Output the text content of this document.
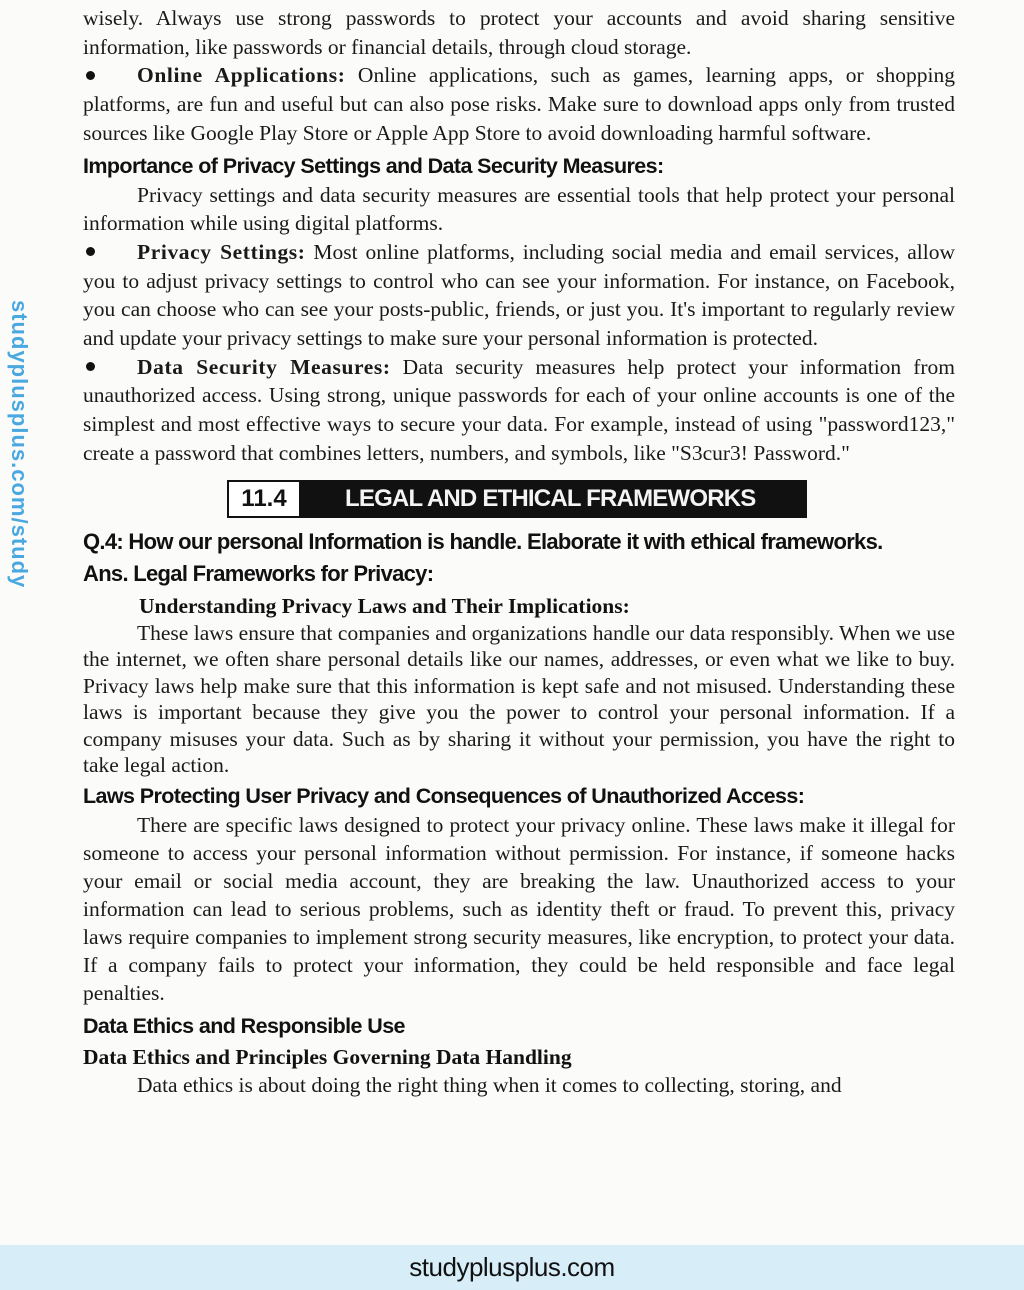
wisely. Always use strong passwords to protect your accounts and avoid sharing sensitive information, like passwords or financial details, through cloud storage.

Online Applications: Online applications, such as games, learning apps, or shopping platforms, are fun and useful but can also pose risks. Make sure to download apps only from trusted sources like Google Play Store or Apple App Store to avoid downloading harmful software.

Importance of Privacy Settings and Data Security Measures:

Privacy settings and data security measures are essential tools that help protect your personal information while using digital platforms.

Privacy Settings: Most online platforms, including social media and email services, allow you to adjust privacy settings to control who can see your information. For instance, on Facebook, you can choose who can see your posts-public, friends, or just you. It's important to regularly review and update your privacy settings to make sure your personal information is protected.

Data Security Measures: Data security measures help protect your information from unauthorized access. Using strong, unique passwords for each of your online accounts is one of the simplest and most effective ways to secure your data. For example, instead of using "password123," create a password that combines letters, numbers, and symbols, like "S3cur3! Password."

11.4	LEGAL AND ETHICAL FRAMEWORKS
Q.4: How our personal Information is handle. Elaborate it with ethical frameworks.
Ans. Legal Frameworks for Privacy:
Understanding Privacy Laws and Their Implications:

These laws ensure that companies and organizations handle our data responsibly. When we use the internet, we often share personal details like our names, addresses, or even what we like to buy. Privacy laws help make sure that this information is kept safe and not misused. Understanding these laws is important because they give you the power to control your personal information. If a company misuses your data. Such as by sharing it without your permission, you have the right to take legal action.

Laws Protecting User Privacy and Consequences of Unauthorized Access:

There are specific laws designed to protect your privacy online. These laws make it illegal for someone to access your personal information without permission. For instance, if someone hacks your email or social media account, they are breaking the law. Unauthorized access to your information can lead to serious problems, such as identity theft or fraud. To prevent this, privacy laws require companies to implement strong security measures, like encryption, to protect your data. If a company fails to protect your information, they could be held responsible and face legal penalties.

Data Ethics and Responsible Use
Data Ethics and Principles Governing Data Handling

Data ethics is about doing the right thing when it comes to collecting, storing, and

studyplusplus.com/study
studyplusplus.com
